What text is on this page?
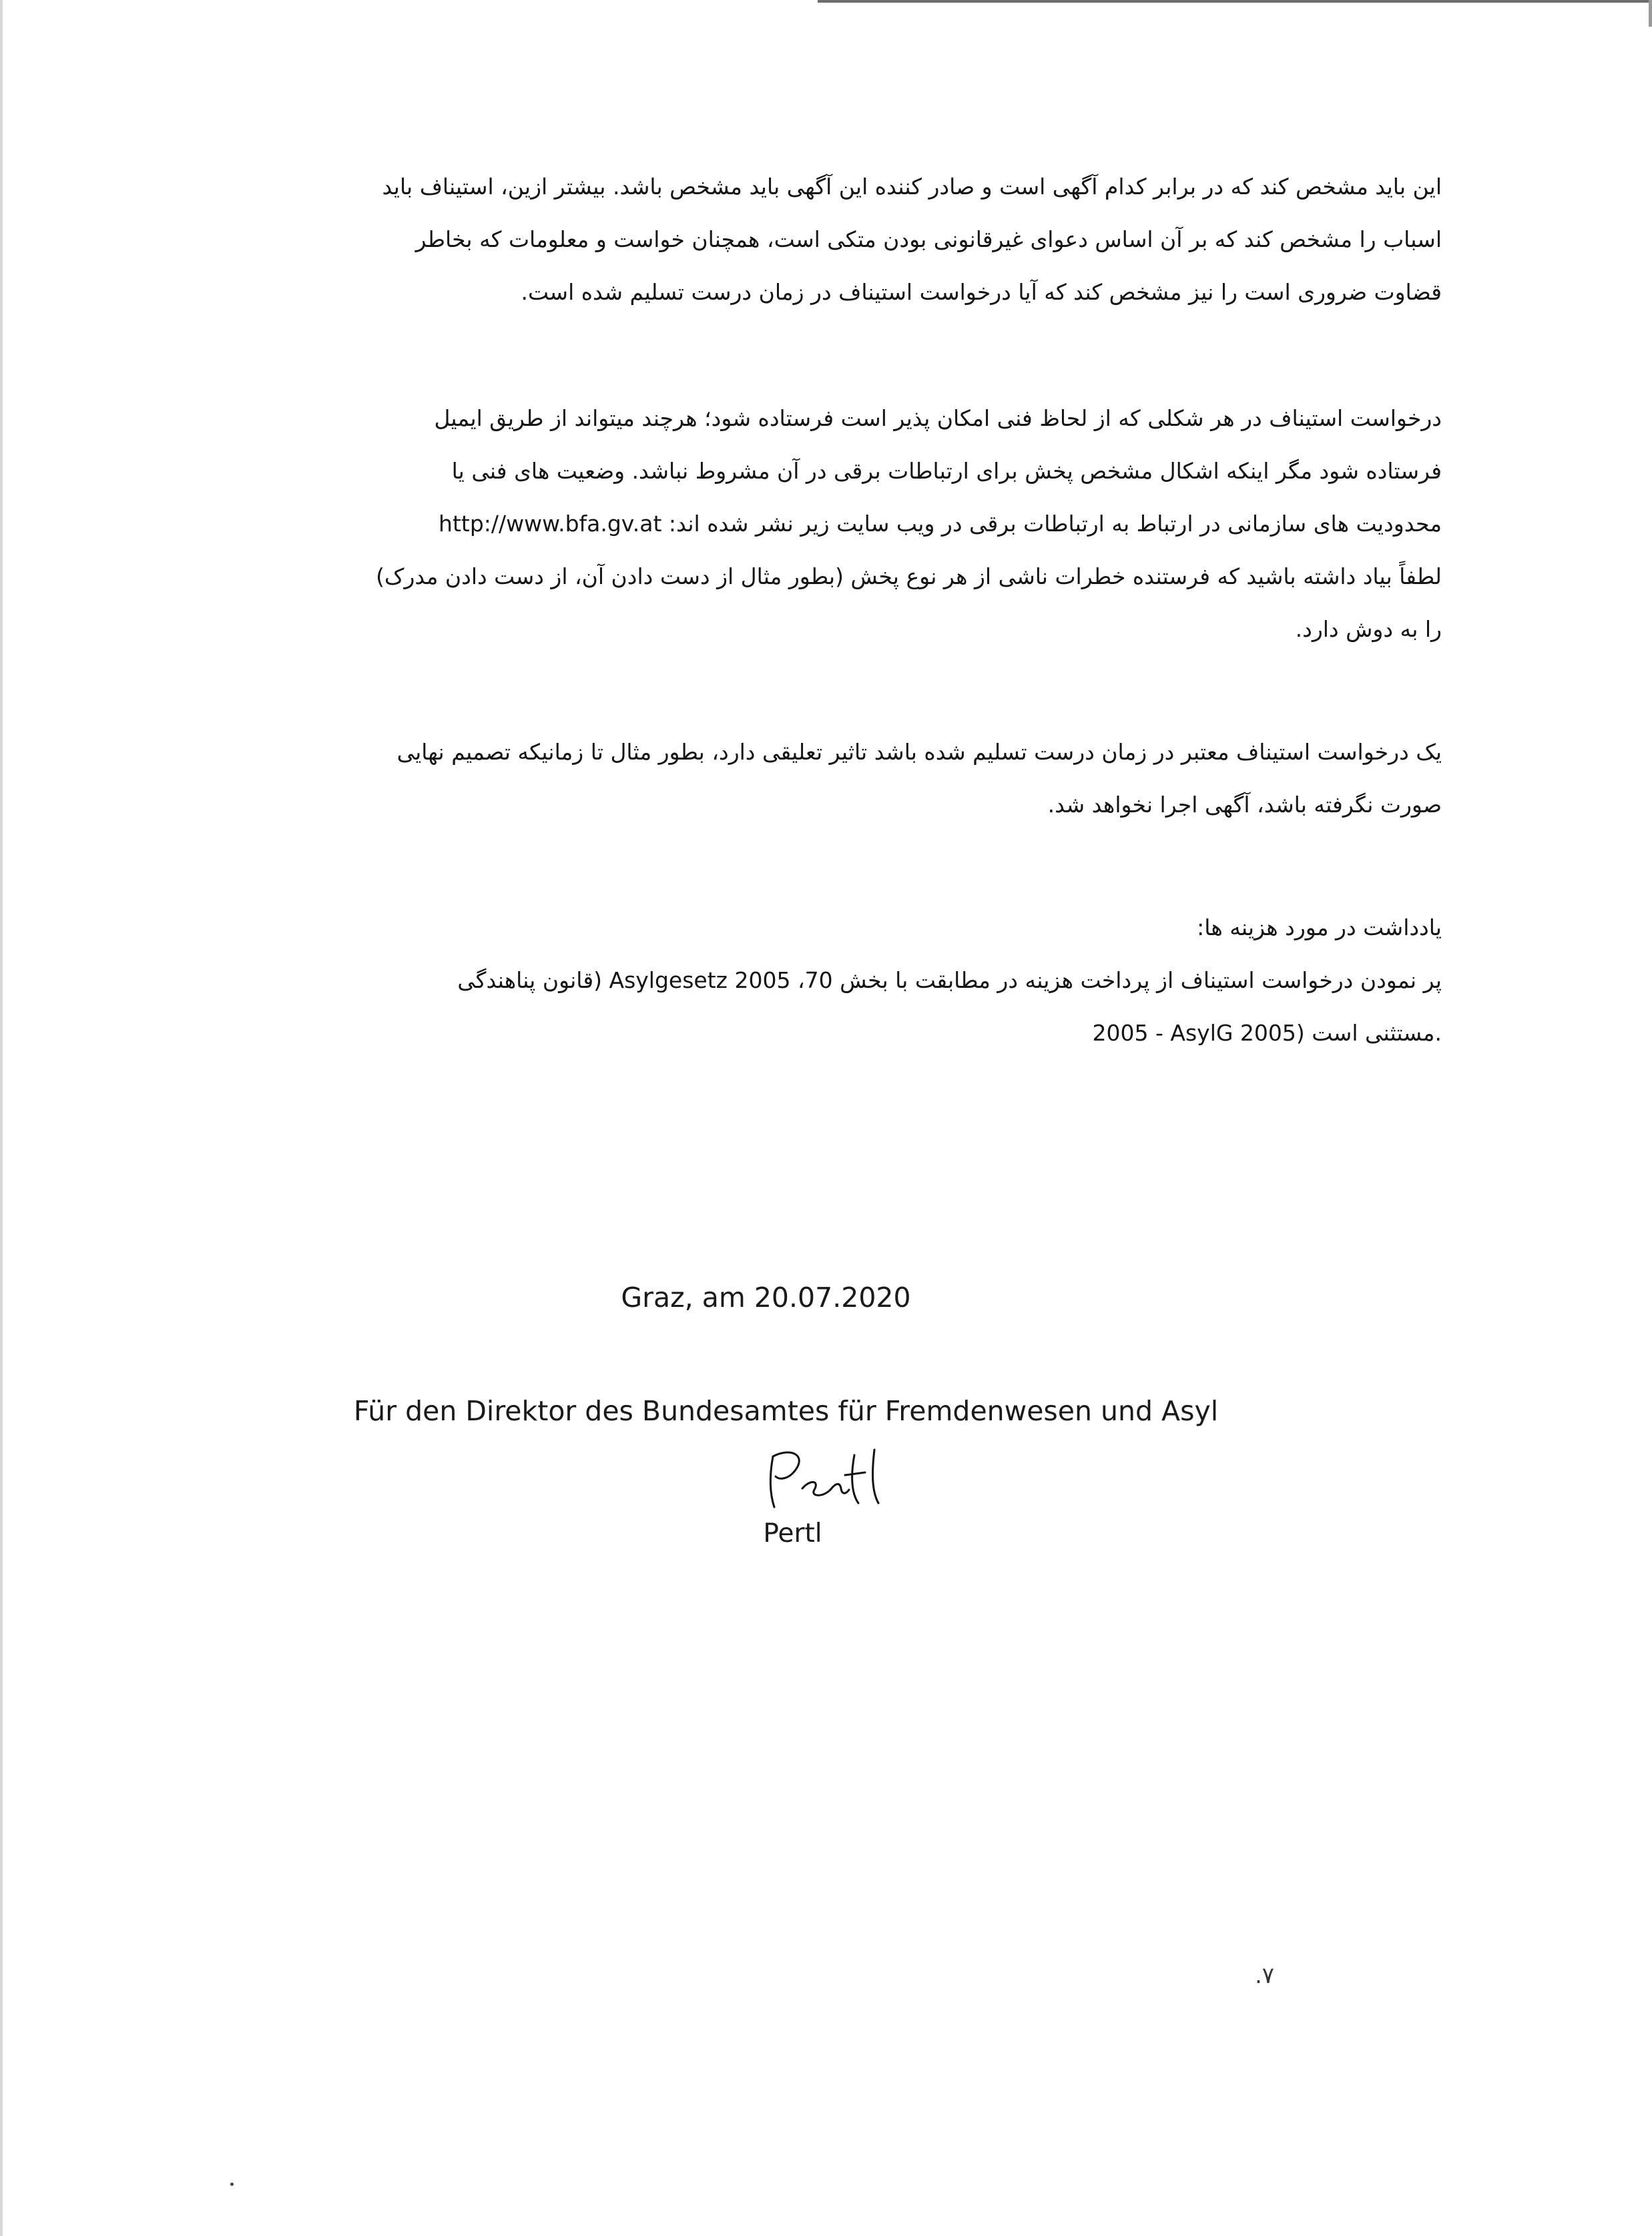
این باید مشخص کند که در برابر کدام آگهی است و صادر کننده این آگهی باید مشخص باشد. بیشتر ازین، استیناف باید
اسباب را مشخص کند که بر آن اساس دعوای غیرقانونی بودن متکی است، همچنان خواست و معلومات که بخاطر
قضاوت ضروری است را نیز مشخص کند که آیا درخواست استیناف در زمان درست تسلیم شده است.
درخواست استیناف در هر شکلی که از لحاظ فنی امکان پذیر است فرستاده شود؛ هرچند میتواند از طریق ایمیل
فرستاده شود مگر اینکه اشکال مشخص پخش برای ارتباطات برقی در آن مشروط نباشد. وضعیت های فنی یا
محدودیت های سازمانی در ارتباط به ارتباطات برقی در ویب سایت زیر نشر شده اند: http://www.bfa.gv.at
لطفاً بیاد داشته باشید که فرستنده خطرات ناشی از هر نوع پخش (بطور مثال از دست دادن آن، از دست دادن مدرک)
را به دوش دارد.
یک درخواست استیناف معتبر در زمان درست تسلیم شده باشد تاثیر تعلیقی دارد، بطور مثال تا زمانیکه تصمیم نهایی
صورت نگرفته باشد، آگهی اجرا نخواهد شد.
یادداشت در مورد هزینه ها:
پر نمودن درخواست استیناف از پرداخت هزینه در مطابقت با بخش 70، Asylgesetz 2005 (قانون پناهندگی
2005 - AsylG 2005) مستثنی است.
Graz, am 20.07.2020
Für den Direktor des Bundesamtes für Fremdenwesen und Asyl
Pertl
.۷
